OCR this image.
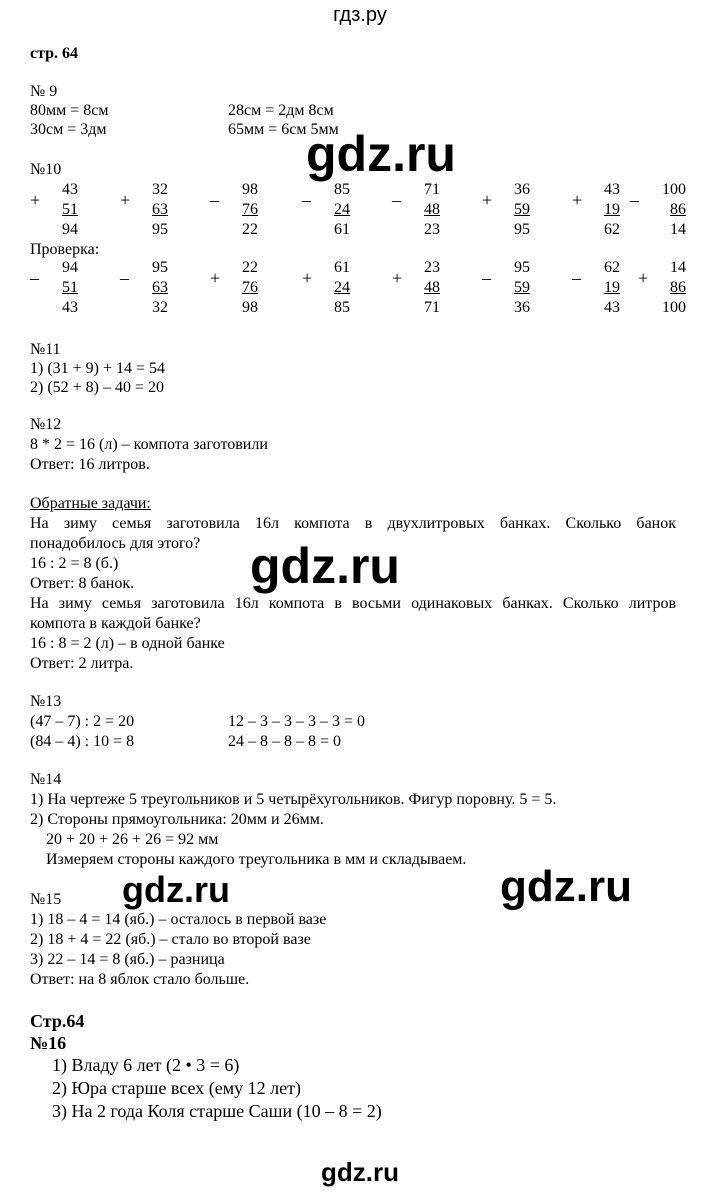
гдз.ру
стр. 64
№ 9
80мм = 8см
30см = 3дм
28см = 2дм 8см
65мм = 6см 5мм
gdz.ru
№10
43
51
94
+
32
63
95
+
98
76
22
–
85
24
61
–
71
48
23
–
36
59
95
+
43
19
62
+
100
86
14
–
Проверка:
94
51
43
–
95
63
32
–
22
76
98
+
61
24
85
+
23
48
71
+
95
59
36
–
62
19
43
–
14
86
100
+
№11
1) (31 + 9) + 14 = 54
2) (52 + 8) – 40 = 20
№12
8 * 2 = 16 (л) – компота заготовили
Ответ: 16 литров.
Обратные задачи:
На зиму семья заготовила 16л компота в двухлитровых банках. Сколько банок
понадобилось для этого?
16 : 2 = 8 (б.)
Ответ: 8 банок.
На зиму семья заготовила 16л компота в восьми одинаковых банках. Сколько литров
компота в каждой банке?
16 : 8 = 2 (л) – в одной банке
Ответ: 2 литра.
gdz.ru
№13
(47 – 7) : 2 = 20
(84 – 4) : 10 = 8
12 – 3 – 3 – 3 – 3 = 0
24 – 8 – 8 – 8 = 0
№14
1) На чертеже 5 треугольников и 5 четырёхугольников. Фигур поровну. 5 = 5.
2) Стороны прямоугольника: 20мм и 26мм.
20 + 20 + 26 + 26 = 92 мм
Измеряем стороны каждого треугольника в мм и складываем.
gdz.ru	gdz.ru
№15
1) 18 – 4 = 14 (яб.) – осталось в первой вазе
2) 18 + 4 = 22 (яб.) – стало во второй вазе
3) 22 – 14 = 8 (яб.) – разница
Ответ: на 8 яблок стало больше.
Стр.64
№16
1) Владу 6 лет (2 • 3 = 6)
2) Юра старше всех (ему 12 лет)
3) На 2 года Коля старше Саши (10 – 8 = 2)
gdz.ru
